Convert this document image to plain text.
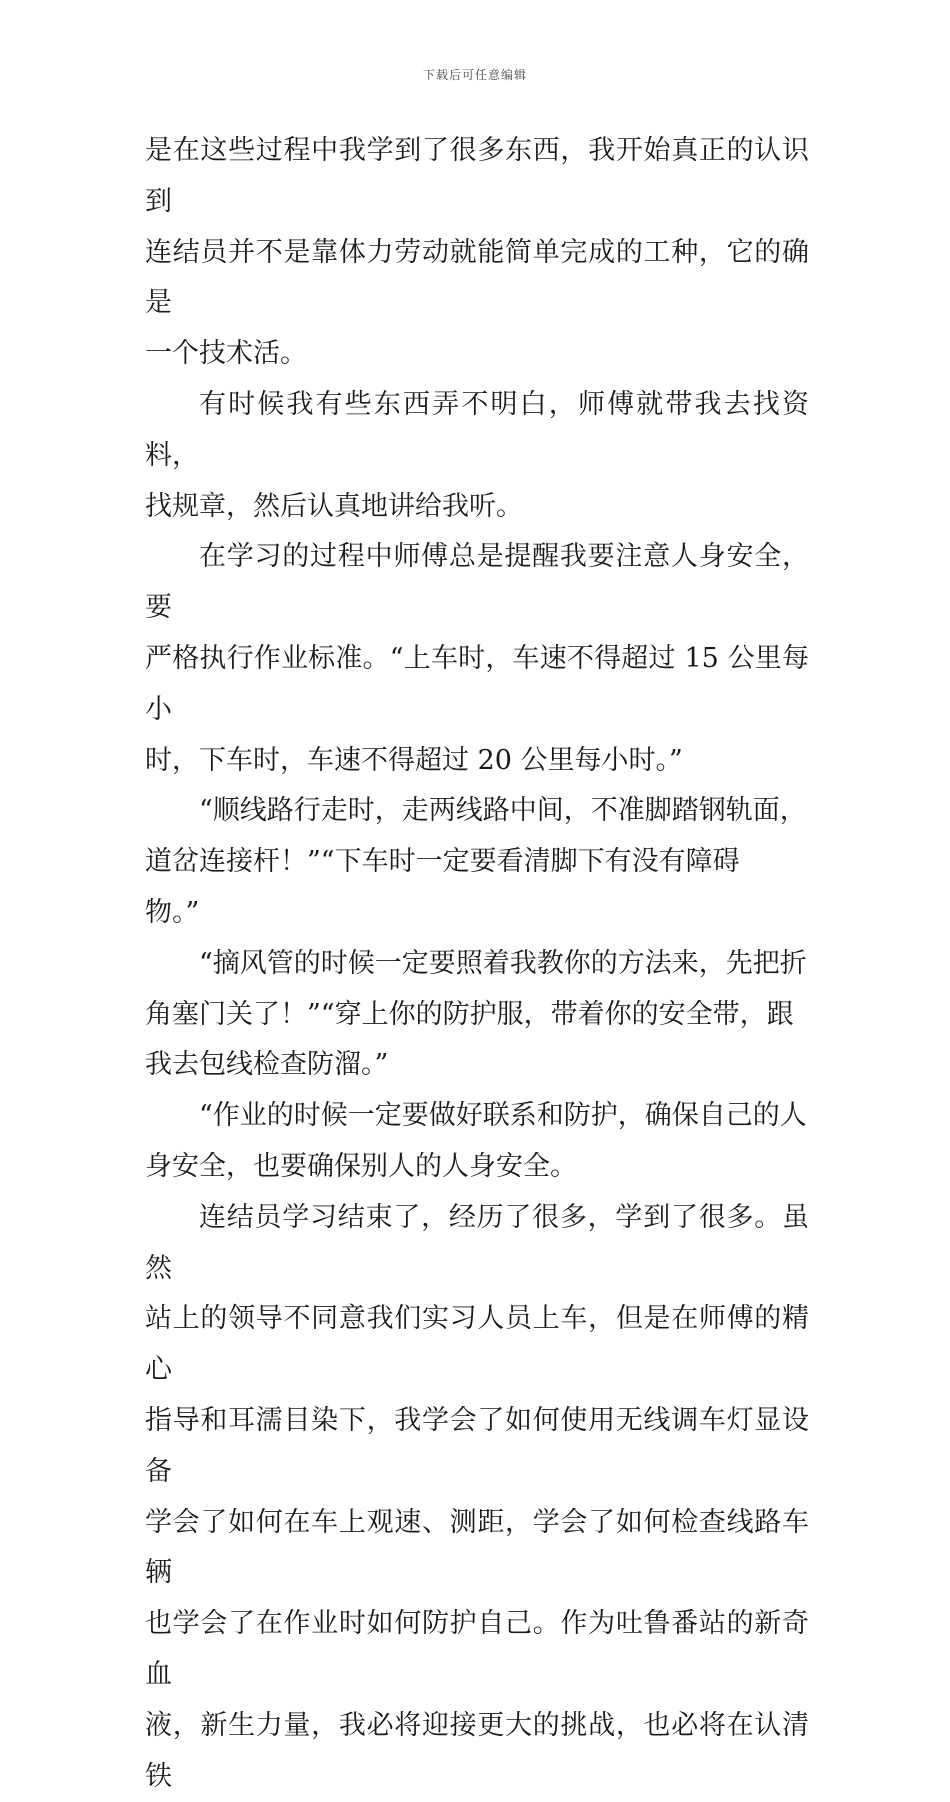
下载后可任意编辑

是在这些过程中我学到了很多东西，我开始真正的认识到
连结员并不是靠体力劳动就能简单完成的工种，它的确是
一个技术活。

有时候我有些东西弄不明白，师傅就带我去找资料，
找规章，然后认真地讲给我听。

在学习的过程中师傅总是提醒我要注意人身安全，要
严格执行作业标准。“上车时，车速不得超过 15 公里每小
时，下车时，车速不得超过 20 公里每小时。”

“顺线路行走时，走两线路中间，不准脚踏钢轨面，
道岔连接杆！”“下车时一定要看清脚下有没有障碍
物。”

“摘风管的时候一定要照着我教你的方法来，先把折
角塞门关了！”“穿上你的防护服，带着你的安全带，跟
我去包线检查防溜。”

“作业的时候一定要做好联系和防护，确保自己的人
身安全，也要确保别人的人身安全。

连结员学习结束了，经历了很多，学到了很多。虽然
站上的领导不同意我们实习人员上车，但是在师傅的精心
指导和耳濡目染下，我学会了如何使用无线调车灯显设备
学会了如何在车上观速、测距，学会了如何检查线路车辆
也学会了在作业时如何防护自己。作为吐鲁番站的新奇血
液，新生力量，我必将迎接更大的挑战，也必将在认清铁
